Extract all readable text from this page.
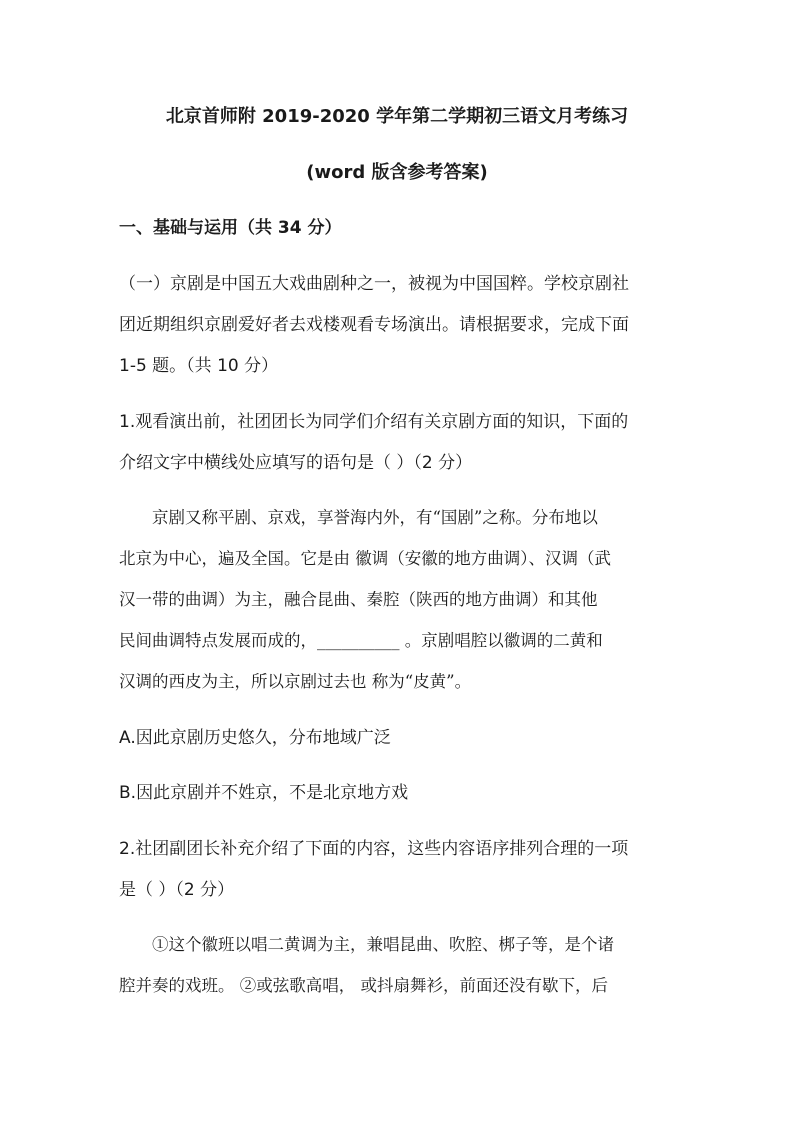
北京首师附 2019-2020 学年第二学期初三语文月考练习
(word 版含参考答案)
一、基础与运用（共 34 分）
（一）京剧是中国五大戏曲剧种之一，被视为中国国粹。学校京剧社
团近期组织京剧爱好者去戏楼观看专场演出。请根据要求，完成下面
1-5 题。（共 10 分）
1.观看演出前，社团团长为同学们介绍有关京剧方面的知识，下面的
介绍文字中横线处应填写的语句是（ ）（2 分）
京剧又称平剧、京戏，享誉海内外，有“国剧”之称。分布地以
北京为中心，遍及全国。它是由 徽调（安徽的地方曲调）、汉调（武
汉一带的曲调）为主，融合昆曲、秦腔（陕西的地方曲调）和其他
民间曲调特点发展而成的，__________ 。京剧唱腔以徽调的二黄和
汉调的西皮为主，所以京剧过去也 称为“皮黄”。
A.因此京剧历史悠久，分布地域广泛
B.因此京剧并不姓京，不是北京地方戏
2.社团副团长补充介绍了下面的内容，这些内容语序排列合理的一项
是（ ）（2 分）
①这个徽班以唱二黄调为主，兼唱昆曲、吹腔、梆子等，是个诸
腔并奏的戏班。 ②或弦歌高唱， 或抖扇舞衫，前面还没有歇下，后
